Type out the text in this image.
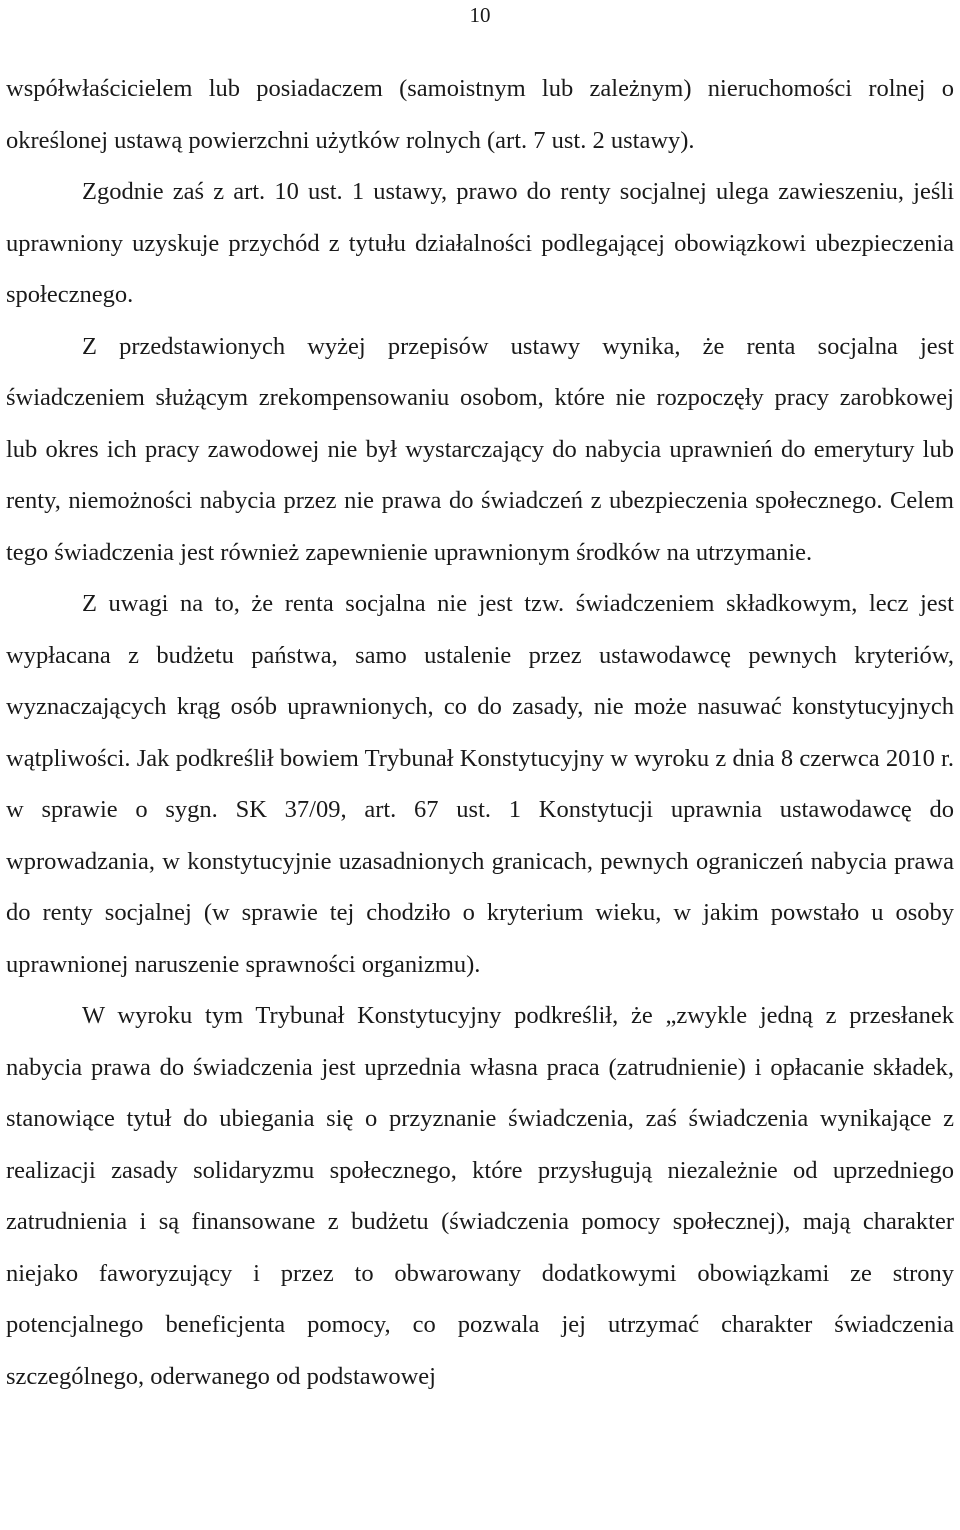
10

współwłaścicielem lub posiadaczem (samoistnym lub zależnym) nieruchomości rolnej o określonej ustawą powierzchni użytków rolnych (art. 7 ust. 2 ustawy).

Zgodnie zaś z art. 10 ust. 1 ustawy, prawo do renty socjalnej ulega zawieszeniu, jeśli uprawniony uzyskuje przychód z tytułu działalności podlegającej obowiązkowi ubezpieczenia społecznego.

Z przedstawionych wyżej przepisów ustawy wynika, że renta socjalna jest świadczeniem służącym zrekompensowaniu osobom, które nie rozpoczęły pracy zarobkowej lub okres ich pracy zawodowej nie był wystarczający do nabycia uprawnień do emerytury lub renty, niemożności nabycia przez nie prawa do świadczeń z ubezpieczenia społecznego. Celem tego świadczenia jest również zapewnienie uprawnionym środków na utrzymanie.

Z uwagi na to, że renta socjalna nie jest tzw. świadczeniem składkowym, lecz jest wypłacana z budżetu państwa, samo ustalenie przez ustawodawcę pewnych kryteriów, wyznaczających krąg osób uprawnionych, co do zasady, nie może nasuwać konstytucyjnych wątpliwości. Jak podkreślił bowiem Trybunał Konstytucyjny w wyroku z dnia 8 czerwca 2010 r. w sprawie o sygn. SK 37/09, art. 67 ust. 1 Konstytucji uprawnia ustawodawcę do wprowadzania, w konstytucyjnie uzasadnionych granicach, pewnych ograniczeń nabycia prawa do renty socjalnej (w sprawie tej chodziło o kryterium wieku, w jakim powstało u osoby uprawnionej naruszenie sprawności organizmu).

W wyroku tym Trybunał Konstytucyjny podkreślił, że „zwykle jedną z przesłanek nabycia prawa do świadczenia jest uprzednia własna praca (zatrudnienie) i opłacanie składek, stanowiące tytuł do ubiegania się o przyznanie świadczenia, zaś świadczenia wynikające z realizacji zasady solidaryzmu społecznego, które przysługują niezależnie od uprzedniego zatrudnienia i są finansowane z budżetu (świadczenia pomocy społecznej), mają charakter niejako faworyzujący i przez to obwarowany dodatkowymi obowiązkami ze strony potencjalnego beneficjenta pomocy, co pozwala jej utrzymać charakter świadczenia szczególnego, oderwanego od podstawowej
